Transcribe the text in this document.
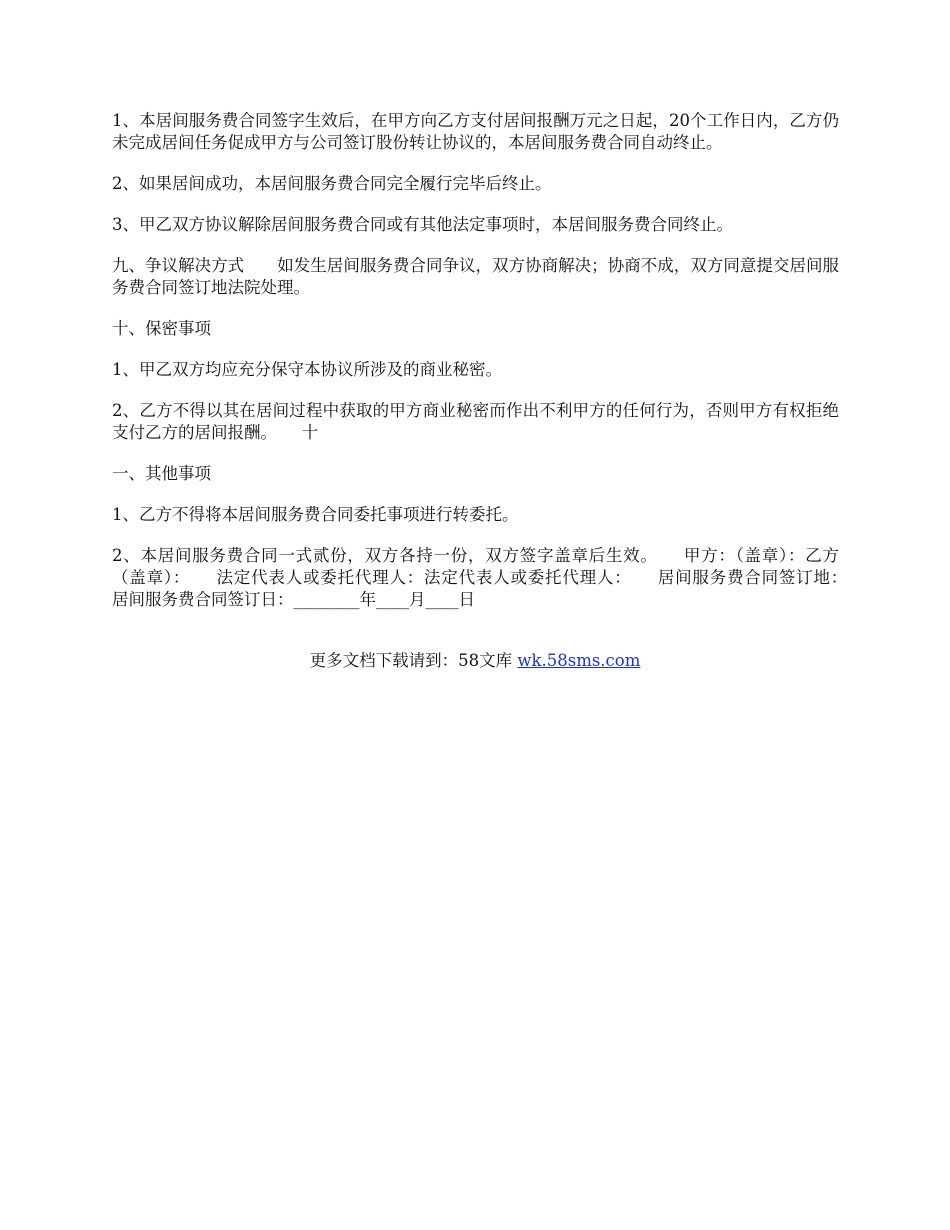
1、本居间服务费合同签字生效后，在甲方向乙方支付居间报酬万元之日起，20个工作日内，乙方仍未完成居间任务促成甲方与公司签订股份转让协议的，本居间服务费合同自动终止。

2、如果居间成功，本居间服务费合同完全履行完毕后终止。

3、甲乙双方协议解除居间服务费合同或有其他法定事项时，本居间服务费合同终止。

九、争议解决方式　　如发生居间服务费合同争议，双方协商解决；协商不成，双方同意提交居间服务费合同签订地法院处理。

十、保密事项

1、甲乙双方均应充分保守本协议所涉及的商业秘密。

2、乙方不得以其在居间过程中获取的甲方商业秘密而作出不利甲方的任何行为，否则甲方有权拒绝支付乙方的居间报酬。　　十

一、其他事项

1、乙方不得将本居间服务费合同委托事项进行转委托。

2、本居间服务费合同一式贰份，双方各持一份，双方签字盖章后生效。　　甲方：（盖章）：乙方（盖章）：　　法定代表人或委托代理人：法定代表人或委托代理人：　　居间服务费合同签订地：　　居间服务费合同签订日：________年____月____日

更多文档下载请到：58文库 wk.58sms.com
